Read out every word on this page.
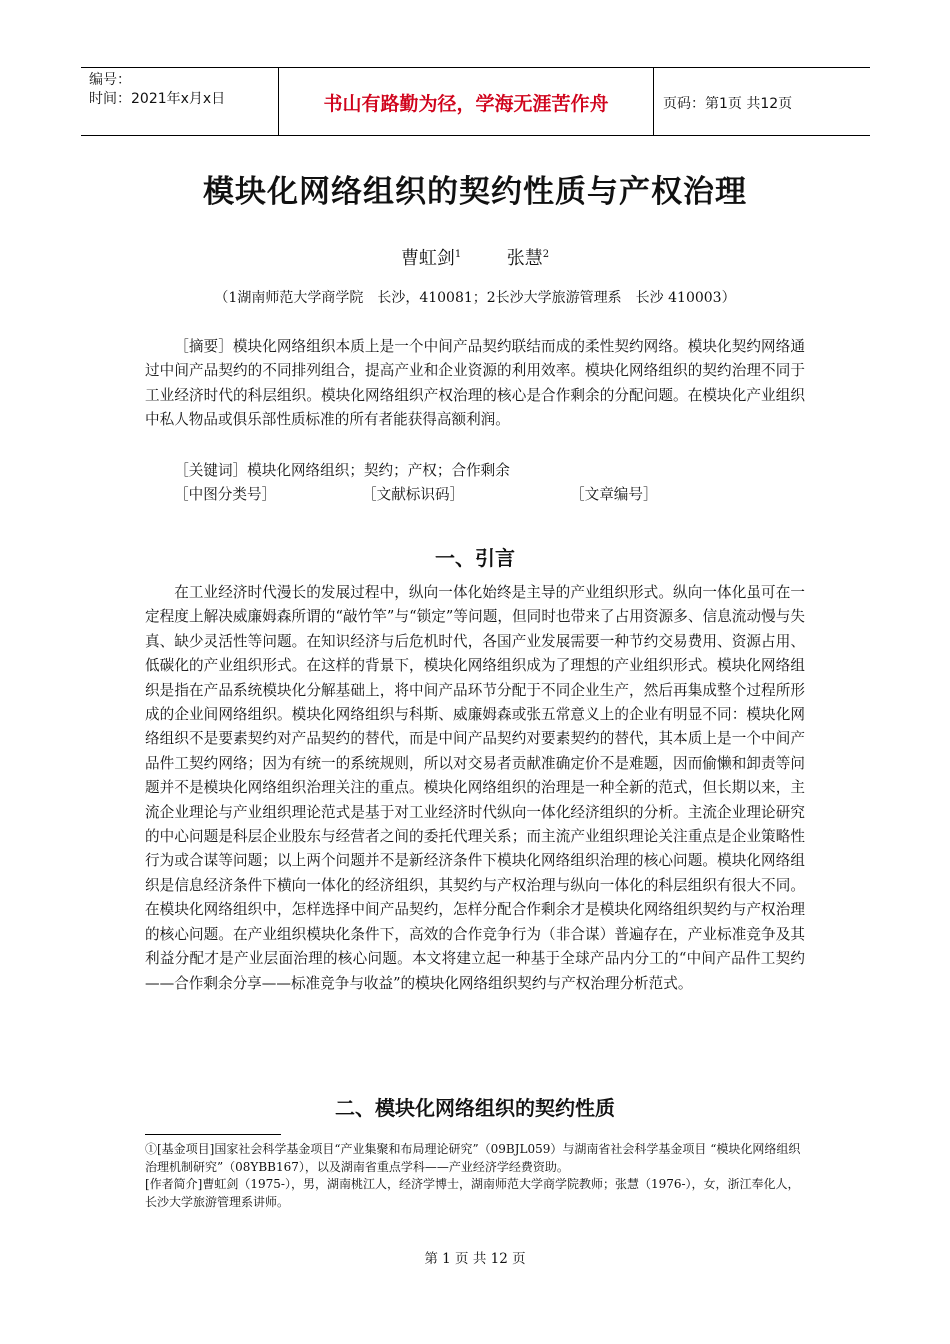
编号：
时间：2021年x月x日	书山有路勤为径，学海无涯苦作舟	页码：第1页 共12页
模块化网络组织的契约性质与产权治理
曹虹剑$^1$	张慧$^2$
（1湖南师范大学商学院　长沙，410081；2长沙大学旅游管理系　长沙 410003）

［摘要］模块化网络组织本质上是一个中间产品契约联结而成的柔性契约网络。模块化契约网络通过中间产品契约的不同排列组合，提高产业和企业资源的利用效率。模块化网络组织的契约治理不同于工业经济时代的科层组织。模块化网络组织产权治理的核心是合作剩余的分配问题。在模块化产业组织中私人物品或俱乐部性质标准的所有者能获得高额利润。

［关键词］模块化网络组织；契约；产权；合作剩余

［中图分类号］	［文献标识码］	［文章编号］
一、引言

在工业经济时代漫长的发展过程中，纵向一体化始终是主导的产业组织形式。纵向一体化虽可在一定程度上解决威廉姆森所谓的“敲竹竿”与“锁定”等问题，但同时也带来了占用资源多、信息流动慢与失真、缺少灵活性等问题。在知识经济与后危机时代，各国产业发展需要一种节约交易费用、资源占用、低碳化的产业组织形式。在这样的背景下，模块化网络组织成为了理想的产业组织形式。模块化网络组织是指在产品系统模块化分解基础上，将中间产品环节分配于不同企业生产，然后再集成整个过程所形成的企业间网络组织。模块化网络组织与科斯、威廉姆森或张五常意义上的企业有明显不同：模块化网络组织不是要素契约对产品契约的替代，而是中间产品契约对要素契约的替代，其本质上是一个中间产品件工契约网络；因为有统一的系统规则，所以对交易者贡献准确定价不是难题，因而偷懒和卸责等问题并不是模块化网络组织治理关注的重点。模块化网络组织的治理是一种全新的范式，但长期以来，主流企业理论与产业组织理论范式是基于对工业经济时代纵向一体化经济组织的分析。主流企业理论研究的中心问题是科层企业股东与经营者之间的委托代理关系；而主流产业组织理论关注重点是企业策略性行为或合谋等问题；以上两个问题并不是新经济条件下模块化网络组织治理的核心问题。模块化网络组织是信息经济条件下横向一体化的经济组织，其契约与产权治理与纵向一体化的科层组织有很大不同。在模块化网络组织中，怎样选择中间产品契约，怎样分配合作剩余才是模块化网络组织契约与产权治理的核心问题。在产业组织模块化条件下，高效的合作竞争行为（非合谋）普遍存在，产业标准竞争及其利益分配才是产业层面治理的核心问题。本文将建立起一种基于全球产品内分工的“中间产品件工契约——合作剩余分享——标准竞争与收益”的模块化网络组织契约与产权治理分析范式。

二、模块化网络组织的契约性质
①[基金项目]国家社会科学基金项目“产业集聚和布局理论研究”（09BJL059）与湖南省社会科学基金项目 “模块化网络组织治理机制研究”（08YBB167），以及湖南省重点学科——产业经济学经费资助。
[作者简介]曹虹剑（1975-），男，湖南桃江人，经济学博士，湖南师范大学商学院教师；张慧（1976-），女，浙江奉化人，长沙大学旅游管理系讲师。
第 1 页 共 12 页
